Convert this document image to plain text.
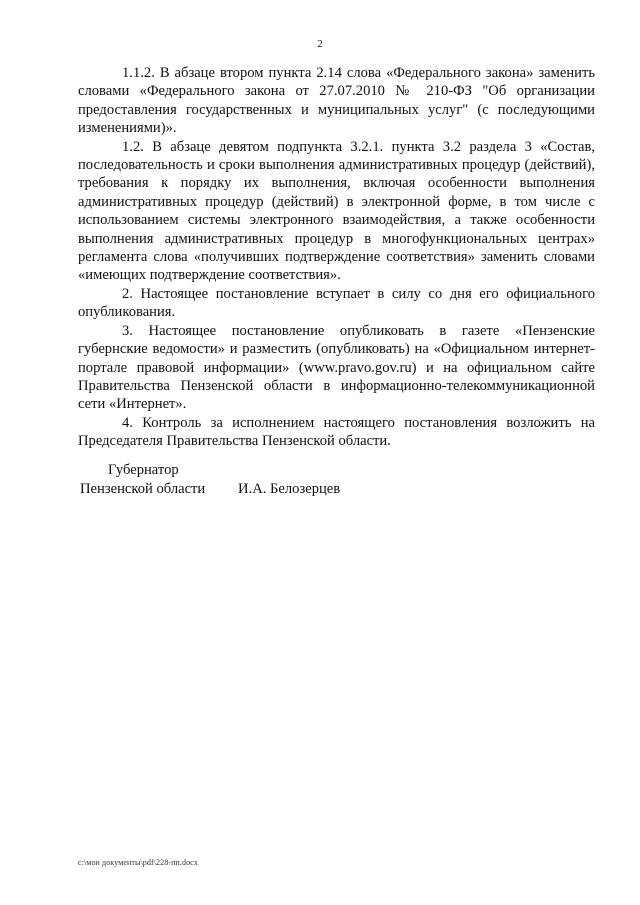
2

1.1.2. В абзаце втором пункта 2.14 слова «Федерального закона» заменить словами «Федерального закона от 27.07.2010 № 210-ФЗ "Об организации предоставления государственных и муниципальных услуг" (с последующими изменениями)».

1.2. В абзаце девятом подпункта 3.2.1. пункта 3.2 раздела 3 «Состав, последовательность и сроки выполнения административных процедур (действий), требования к порядку их выполнения, включая особенности выполнения административных процедур (действий) в электронной форме, в том числе с использованием системы электронного взаимодействия, а также особенности выполнения административных процедур в многофункциональных центрах» регламента слова «получивших подтверждение соответствия» заменить словами «имеющих подтверждение соответствия».

2. Настоящее постановление вступает в силу со дня его официального опубликования.

3. Настоящее постановление опубликовать в газете «Пензенские губернские ведомости» и разместить (опубликовать) на «Официальном интернет-портале правовой информации» (www.pravo.gov.ru) и на официальном сайте Правительства Пензенской области в информационно-телекоммуникационной сети «Интернет».

4. Контроль за исполнением настоящего постановления возложить на Председателя Правительства Пензенской области.

Губернатор
Пензенской области	И.А. Белозерцев
c:\мои документы\pdf\228-пп.docx
